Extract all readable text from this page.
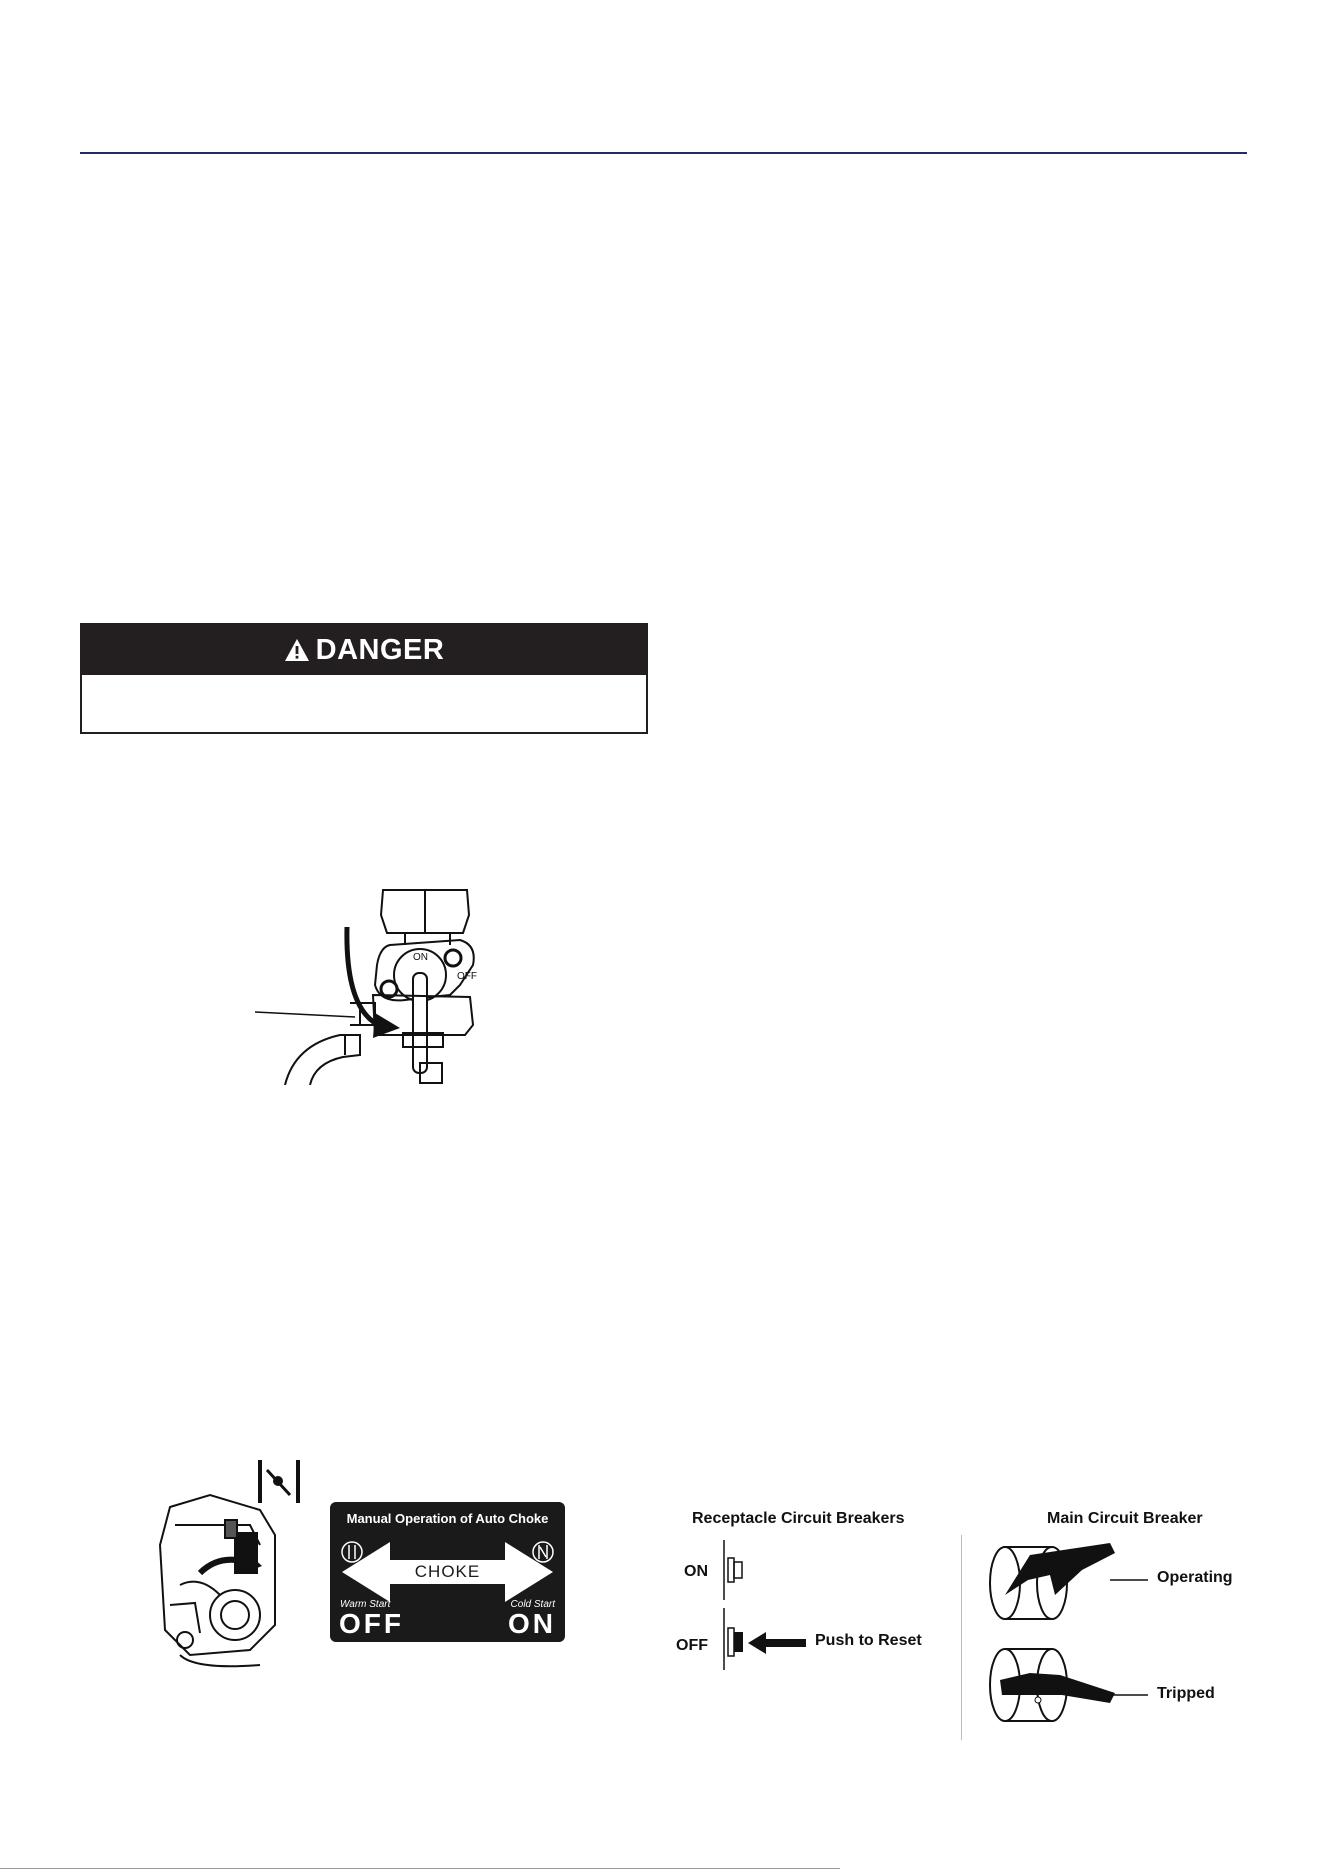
DANGER
ON
OFF
Manual Operation of Auto Choke
CHOKE
Warm Start	Cold Start
OFF	ON
Receptacle Circuit Breakers
ON
OFF	Push to Reset
Main Circuit Breaker
Operating
Tripped
